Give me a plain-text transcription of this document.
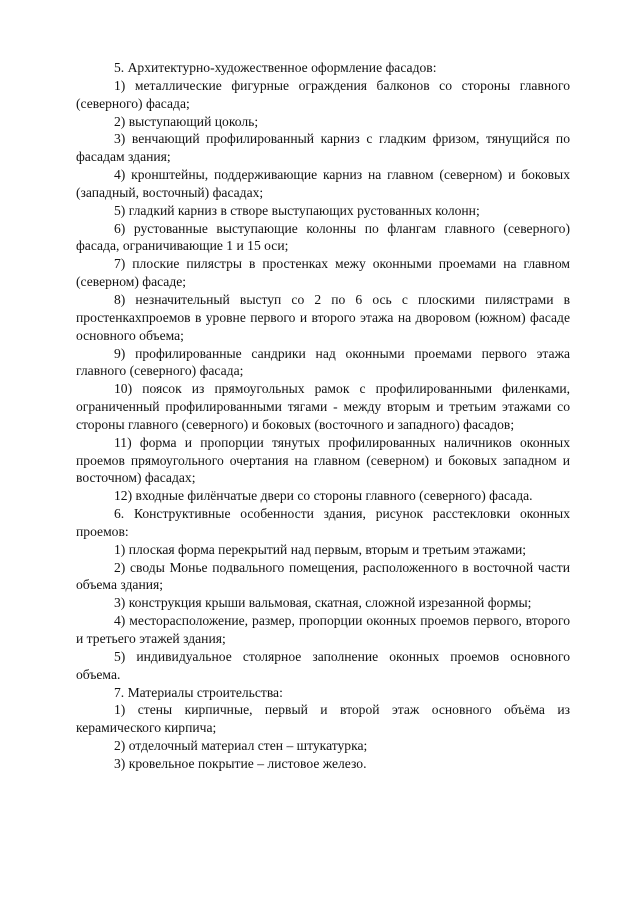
5. Архитектурно-художественное оформление фасадов:

1) металлические фигурные ограждения балконов со стороны главного (северного) фасада;

2) выступающий цоколь;

3) венчающий профилированный карниз с гладким фризом, тянущийся по фасадам здания;

4) кронштейны, поддерживающие карниз на главном (северном) и боковых (западный, восточный) фасадах;

5) гладкий карниз в створе выступающих рустованных колонн;

6) рустованные выступающие колонны по флангам главного (северного) фасада, ограничивающие 1 и 15 оси;

7) плоские пилястры в простенках межу оконными проемами на главном (северном) фасаде;

8) незначительный выступ со 2 по 6 ось с плоскими пилястрами в простенкахпроемов в уровне первого и второго этажа на дворовом (южном) фасаде основного объема;

9) профилированные сандрики над оконными проемами первого этажа главного (северного) фасада;

10) поясок из прямоугольных рамок с профилированными филенками, ограниченный профилированными тягами - между вторым и третьим этажами со стороны главного (северного) и боковых (восточного и западного) фасадов;

11) форма и пропорции тянутых профилированных наличников оконных проемов прямоугольного очертания на главном (северном) и боковых западном и восточном) фасадах;

12) входные филёнчатые двери со стороны главного (северного) фасада.

6. Конструктивные особенности здания, рисунок расстекловки оконных проемов:

1) плоская форма перекрытий над первым, вторым и третьим этажами;

2) своды Монье подвального помещения, расположенного в восточной части объема здания;

3) конструкция крыши вальмовая, скатная, сложной изрезанной формы;

4) месторасположение, размер, пропорции оконных проемов первого, второго и третьего этажей здания;

5) индивидуальное столярное заполнение оконных проемов основного объема.

7. Материалы строительства:

1) стены кирпичные, первый и второй этаж основного объёма из керамического кирпича;

2) отделочный материал стен – штукатурка;

3) кровельное покрытие – листовое железо.
